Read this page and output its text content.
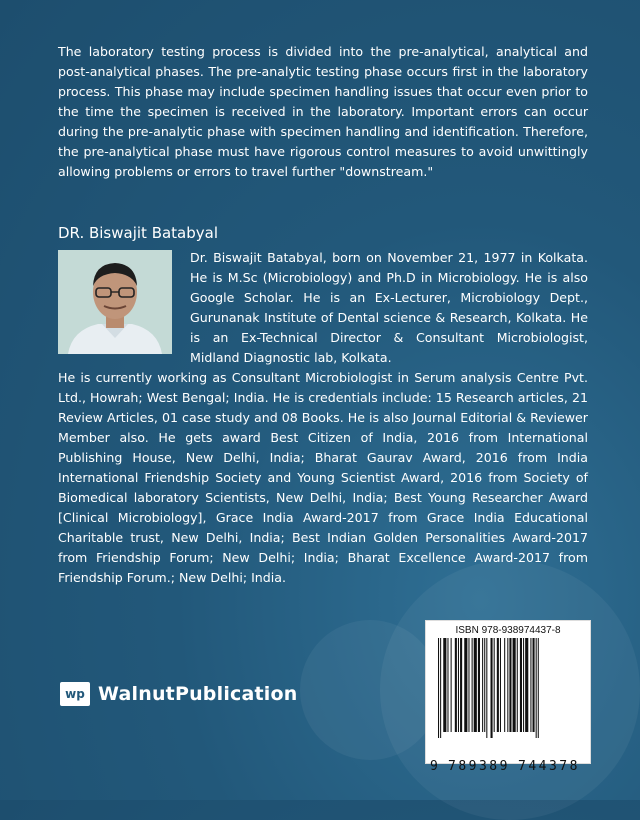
The laboratory testing process is divided into the pre-analytical, analytical and post-analytical phases. The pre-analytic testing phase occurs first in the laboratory process. This phase may include specimen handling issues that occur even prior to the time the specimen is received in the laboratory. Important errors can occur during the pre-analytic phase with specimen handling and identification. Therefore, the pre-analytical phase must have rigorous control measures to avoid unwittingly allowing problems or errors to travel further "downstream."

DR. Biswajit Batabyal

Dr. Biswajit Batabyal, born on November 21, 1977 in Kolkata. He is M.Sc (Microbiology) and Ph.D in Microbiology. He is also Google Scholar. He is an Ex-Lecturer, Microbiology Dept., Gurunanak Institute of Dental science & Research, Kolkata. He is an Ex-Technical Director & Consultant Microbiologist, Midland Diagnostic lab, Kolkata.

He is currently working as Consultant Microbiologist in Serum analysis Centre Pvt. Ltd., Howrah; West Bengal; India. He is credentials include: 15 Research articles, 21 Review Articles, 01 case study and 08 Books. He is also Journal Editorial & Reviewer Member also. He gets award Best Citizen of India, 2016 from International Publishing House, New Delhi, India; Bharat Gaurav Award, 2016 from India International Friendship Society and Young Scientist Award, 2016 from Society of Biomedical laboratory Scientists, New Delhi, India; Best Young Researcher Award [Clinical Microbiology], Grace India Award-2017 from Grace India Educational Charitable trust, New Delhi, India; Best Indian Golden Personalities Award-2017 from Friendship Forum; New Delhi; India; Bharat Excellence Award-2017 from Friendship Forum.; New Delhi; India.

wp WalnutPublication
ISBN 978-938974437-8
9 789389 744378
